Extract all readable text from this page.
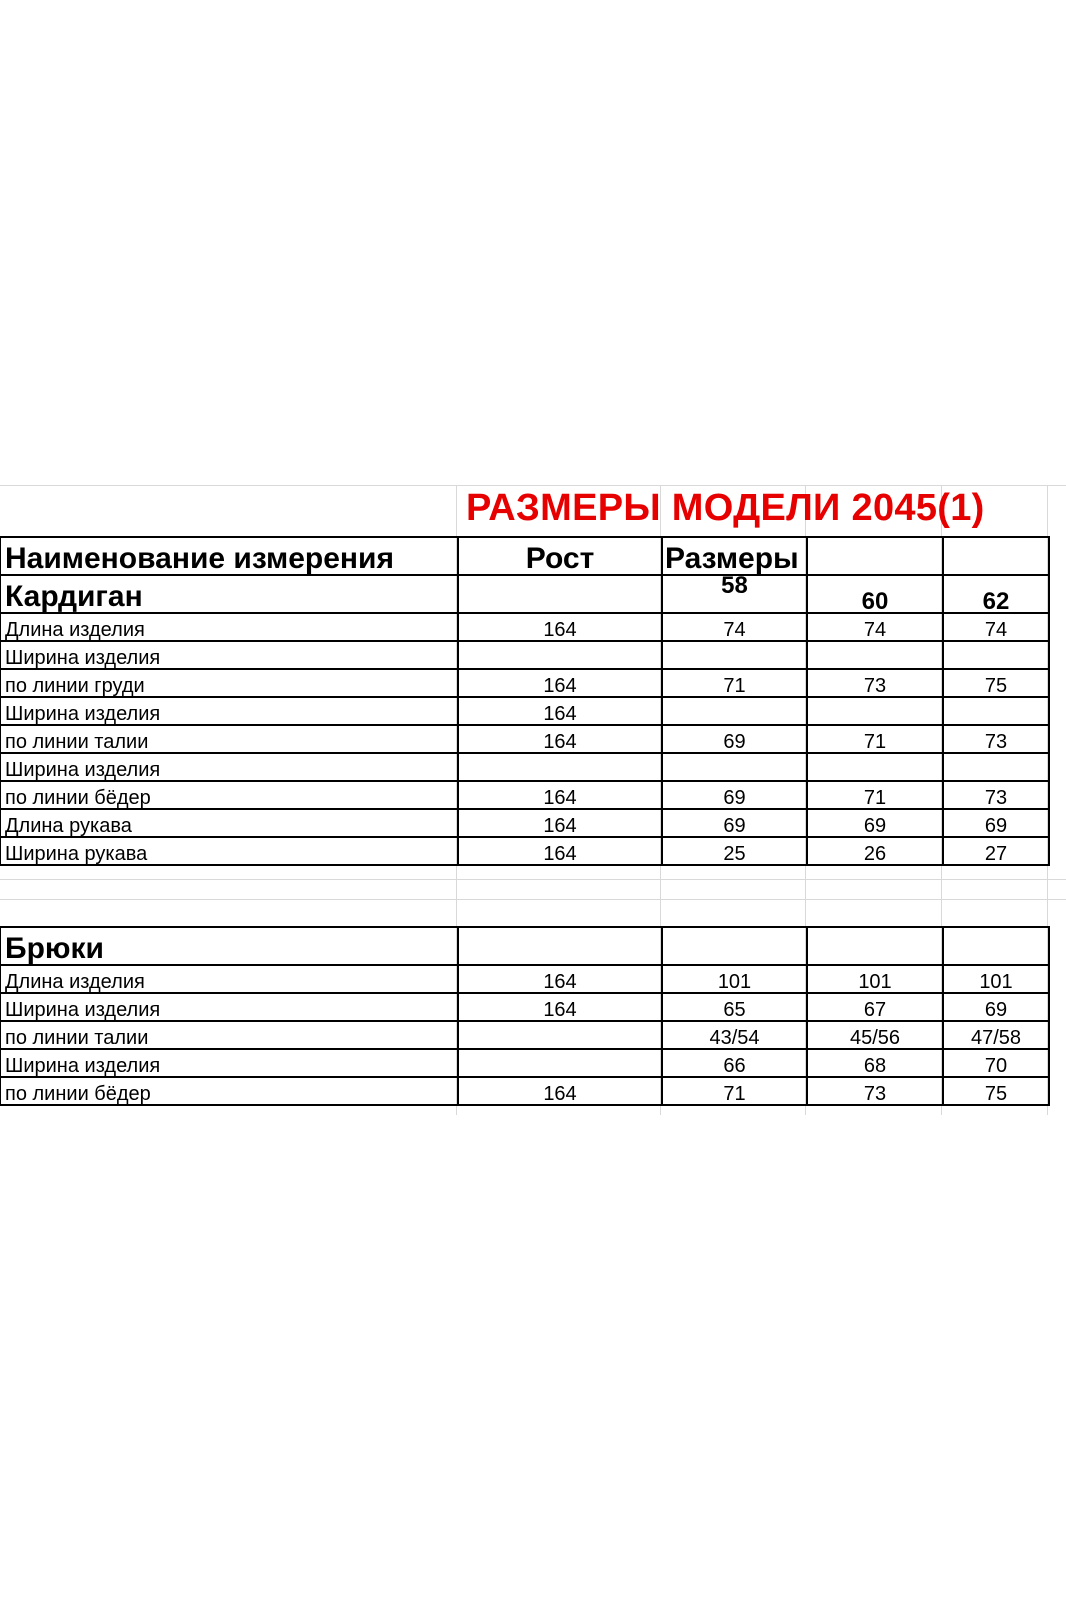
РАЗМЕРЫ МОДЕЛИ 2045(1)
Наименование измерения	Рост	Размеры		
Кардиган		58	60	62
Длина изделия	164	74	74	74
Ширина изделия				
по линии груди	164	71	73	75
Ширина изделия	164			
по линии талии	164	69	71	73
Ширина изделия				
по линии бёдер	164	69	71	73
Длина рукава	164	69	69	69
Ширина рукава	164	25	26	27
Брюки				
Длина изделия	164	101	101	101
Ширина изделия	164	65	67	69
по линии талии		43/54	45/56	47/58
Ширина изделия		66	68	70
по линии бёдер	164	71	73	75
